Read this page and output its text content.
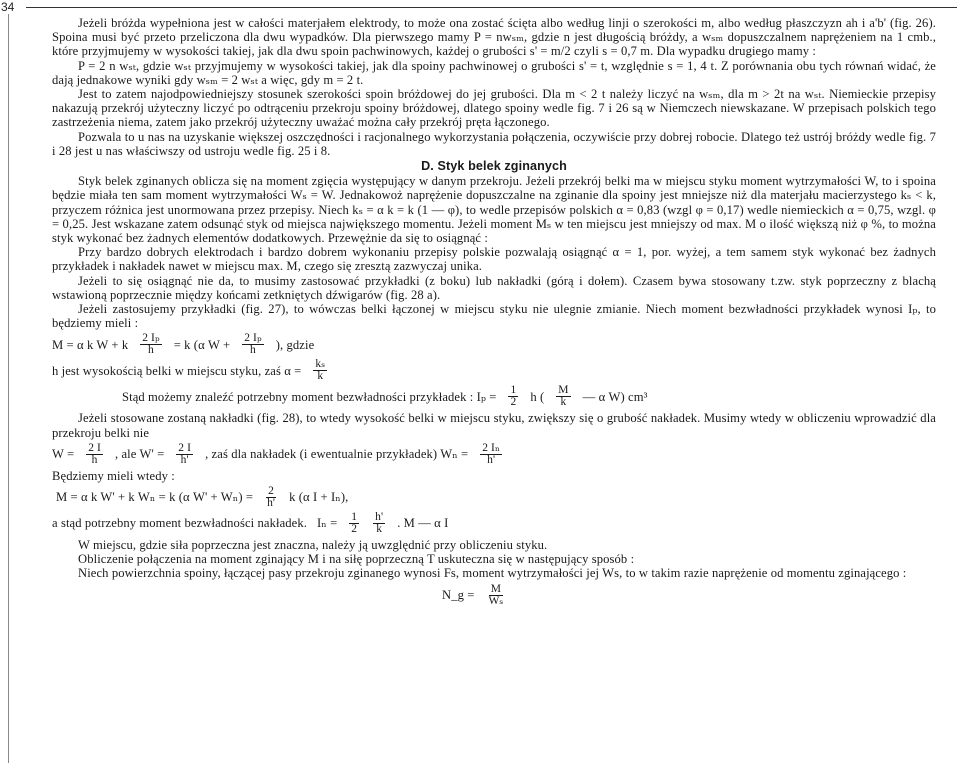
34

Jeżeli bróżda wypełniona jest w całości materjałem elektrody, to może ona zostać ścięta albo według linji o szerokości m, albo według płaszczyzn ah i a'b' (fig. 26). Spoina musi być przeto przeliczona dla dwu wypadków. Dla pierwszego mamy P = nwₛₘ, gdzie n jest długością bróżdy, a wₛₘ dopuszczalnem naprężeniem na 1 cmb., które przyjmujemy w wysokości takiej, jak dla dwu spoin pachwinowych, każdej o grubości s' = m/2 czyli s = 0,7 m. Dla wypadku drugiego mamy :

P = 2 n wₛₜ, gdzie wₛₜ przyjmujemy w wysokości takiej, jak dla spoiny pachwinowej o grubości s' = t, względnie s = 1, 4 t. Z porównania obu tych równań widać, że dają jednakowe wyniki gdy wₛₘ = 2 wₛₜ a więc, gdy m = 2 t.

Jest to zatem najodpowiedniejszy stosunek szerokości spoin bróżdowej do jej grubości. Dla m < 2 t należy liczyć na wₛₘ, dla m > 2t na wₛₜ. Niemieckie przepisy nakazują przekrój użyteczny liczyć po odtrąceniu przekroju spoiny bróżdowej, dlatego spoiny wedle fig. 7 i 26 są w Niemczech niewskazane. W przepisach polskich tego zastrzeżenia niema, zatem jako przekrój użyteczny uważać można cały przekrój pręta łączonego.

Pozwala to u nas na uzyskanie większej oszczędności i racjonalnego wykorzystania połączenia, oczywiście przy dobrej robocie. Dlatego też ustrój bróżdy wedle fig. 7 i 28 jest u nas właściwszy od ustroju wedle fig. 25 i 8.

D. Styk belek zginanych

Styk belek zginanych oblicza się na moment zgięcia występujący w danym przekroju. Jeżeli przekrój belki ma w miejscu styku moment wytrzymałości W, to i spoina będzie miała ten sam moment wytrzymałości Wₛ = W. Jednakowoż naprężenie dopuszczalne na zginanie dla spoiny jest mniejsze niż dla materjału macierzystego kₛ < k, przyczem różnica jest unormowana przez przepisy. Niech kₛ = α k = k (1 — φ), to wedle przepisów polskich α = 0,83 (wzgl φ = 0,17) wedle niemieckich α = 0,75, wzgl. φ = 0,25. Jest wskazane zatem odsunąć styk od miejsca największego momentu. Jeżeli moment Mₛ w ten miejscu jest mniejszy od max. M o ilość większą niż φ %, to można styk wykonać bez żadnych elementów dodatkowych. Przewężnie da się to osiągnąć :

Przy bardzo dobrych elektrodach i bardzo dobrem wykonaniu przepisy polskie pozwalają osiągnąć α = 1, por. wyżej, a tem samem styk wykonać bez żadnych przykładek i nakładek nawet w miejscu max. M, czego się zresztą zazwyczaj unika.

Jeżeli to się osiągnąć nie da, to musimy zastosować przykładki (z boku) lub nakładki (górą i dołem). Czasem bywa stosowany t.zw. styk poprzeczny z blachą wstawioną poprzecznie między końcami zetkniętych dźwigarów (fig. 28 a).

Jeżeli zastosujemy przykładki (fig. 27), to wówczas belki łączonej w miejscu styku nie ulegnie zmianie. Niech moment bezwładności przykładek wynosi Iₚ, to będziemy mieli :

M = α k W + k $\frac{\text{2 Iₚ}}{h} = k$ (α $W + \frac{\text{2 Iₚ}}{h}$ ), gdzie
h jest wysokością belki w miejscu styku, zaś $\alpha = \frac{\text{kₛ}}{k}$
Stąd możemy znaleźć potrzebny moment bezwładności przykładek : $I_p = \frac{1}{2}$ h ( $\frac{M}{k}$ — α W) cm³

Jeżeli stosowane zostaną nakładki (fig. 28), to wtedy wysokość belki w miejscu styku, zwiększy się o grubość nakładek. Musimy wtedy w obliczeniu wprowadzić dla przekroju belki nie

$W = \frac{2 I}{h}$ , ale $W' = \frac{2 I}{h'}$ , zaś dla nakładek (i ewentualnie przykładek) $W_n = \frac{\text{2 Iₙ}}{h'}$

Będziemy mieli wtedy :

M = α k W' + k Wₙ = k (α $W' + W_n) = \frac{2}{h'}$ k (α I + Iₙ),
a stąd potrzebny moment bezwładności nakładek. $I_n = \frac{1}{2} \frac{h'}{k}$ . M — α I

W miejscu, gdzie siła poprzeczna jest znaczna, należy ją uwzględnić przy obliczeniu styku.

Obliczenie połączenia na moment zginający M i na siłę poprzeczną T uskuteczna się w następujący sposób :

Niech powierzchnia spoiny, łączącej pasy przekroju zginanego wynosi Fs, moment wytrzymałości jej Ws, to w takim razie naprężenie od momentu zginającego :

N_g = $\frac{M}{\text{Wₛ}}$
